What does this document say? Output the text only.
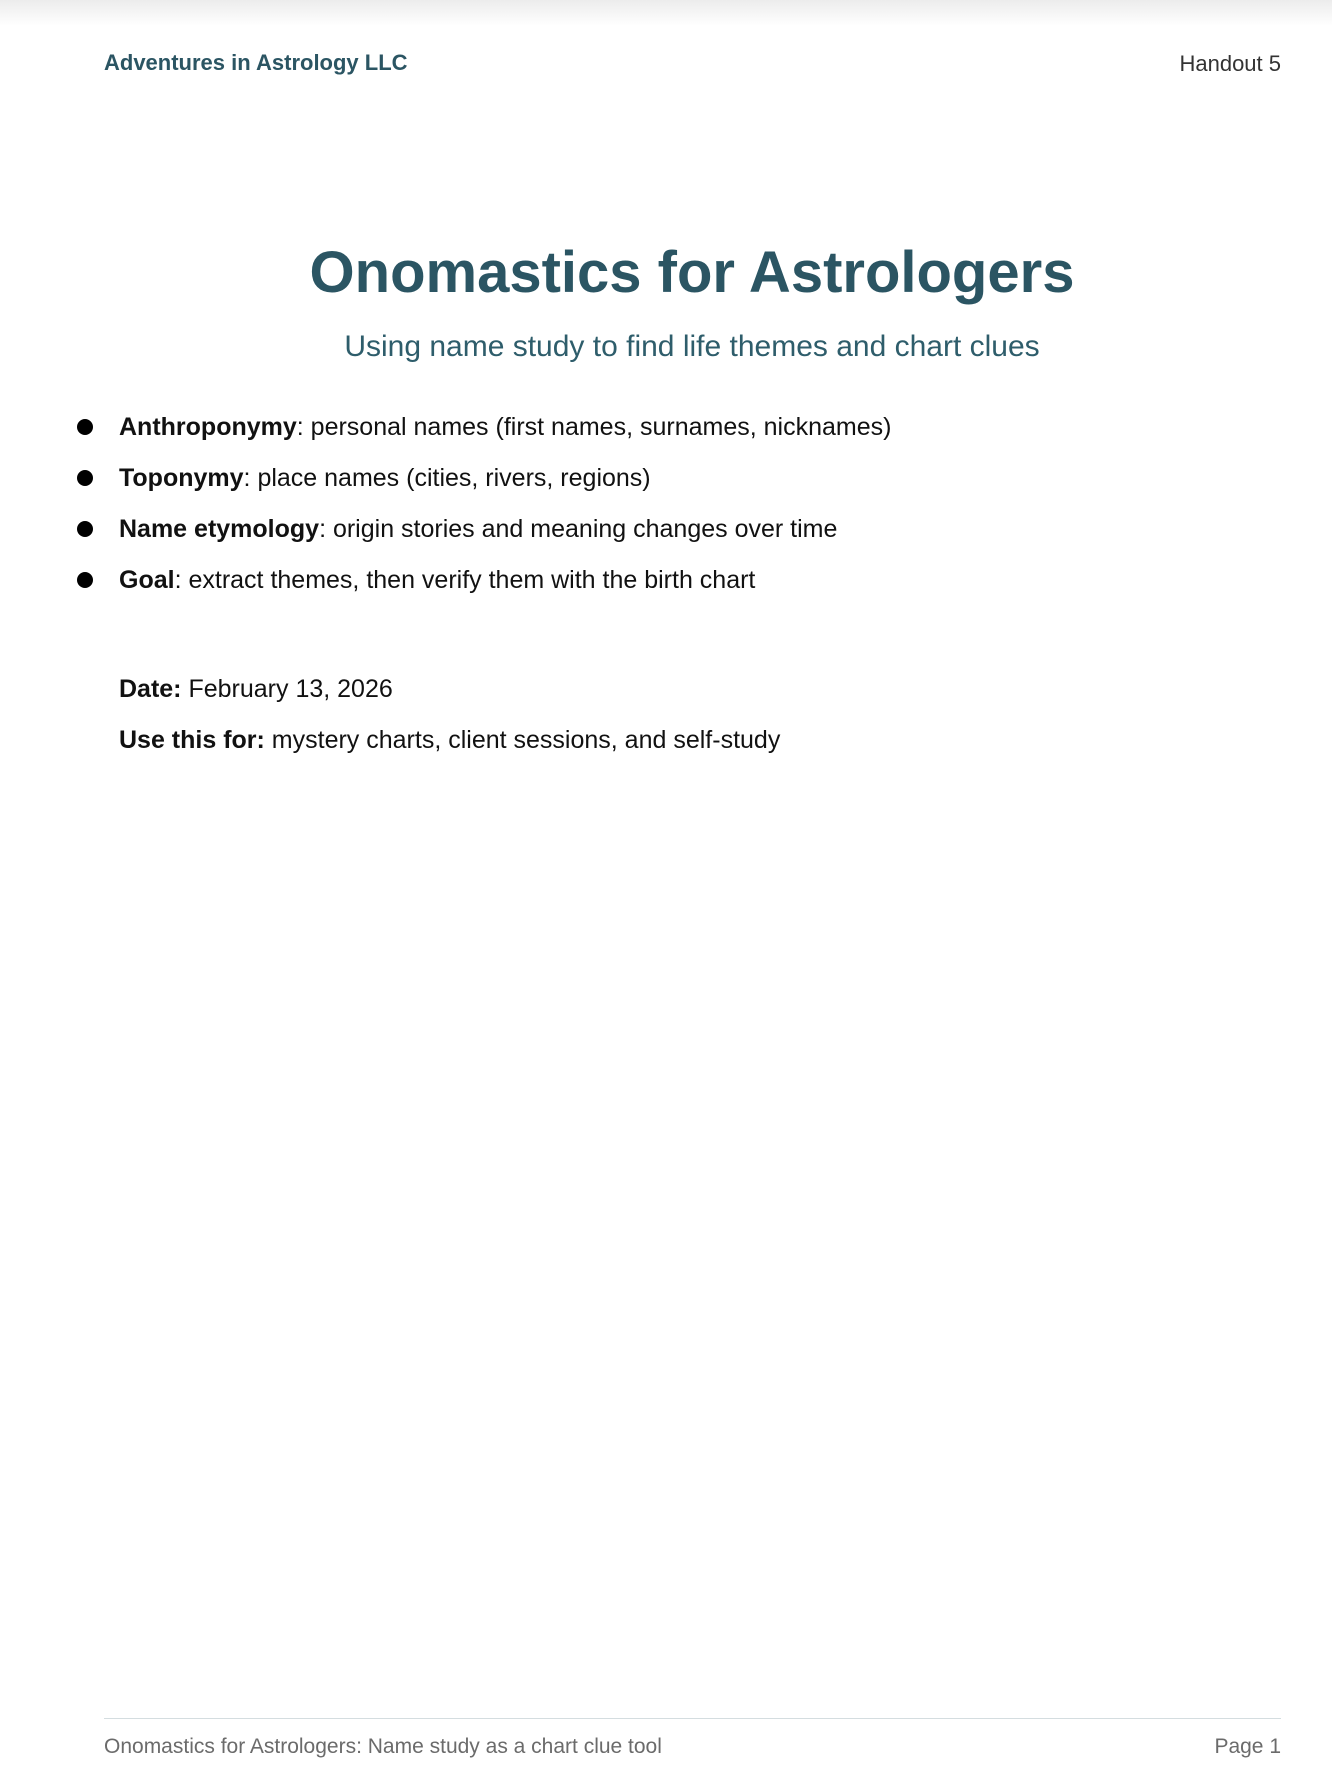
Adventures in Astrology LLC	Handout 5
Onomastics for Astrologers
Using name study to find life themes and chart clues
Anthroponymy: personal names (first names, surnames, nicknames)
Toponymy: place names (cities, rivers, regions)
Name etymology: origin stories and meaning changes over time
Goal: extract themes, then verify them with the birth chart
Date: February 13, 2026
Use this for: mystery charts, client sessions, and self-study
Onomastics for Astrologers: Name study as a chart clue tool	Page 1
